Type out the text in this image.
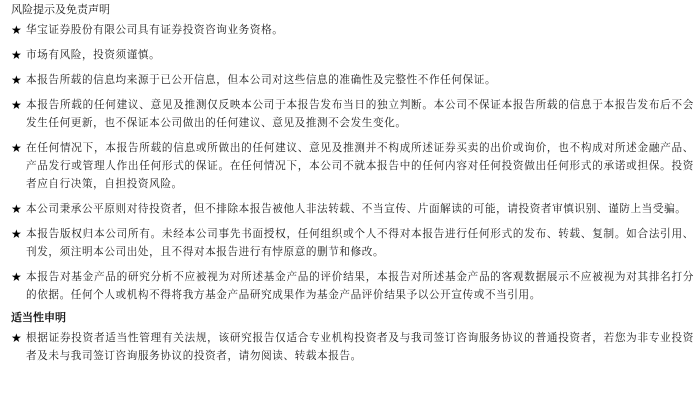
风险提示及免责声明
★ 华宝证券股份有限公司具有证券投资咨询业务资格。
★ 市场有风险，投资须谨慎。
★ 本报告所载的信息均来源于已公开信息，但本公司对这些信息的准确性及完整性不作任何保证。
★ 本报告所载的任何建议、意见及推测仅反映本公司于本报告发布当日的独立判断。本公司不保证本报告所载的信息于本报告发布后不会发生任何更新，也不保证本公司做出的任何建议、意见及推测不会发生变化。
★ 在任何情况下，本报告所载的信息或所做出的任何建议、意见及推测并不构成所述证券买卖的出价或询价，也不构成对所述金融产品、产品发行或管理人作出任何形式的保证。在任何情况下，本公司不就本报告中的任何内容对任何投资做出任何形式的承诺或担保。投资者应自行决策，自担投资风险。
★ 本公司秉承公平原则对待投资者，但不排除本报告被他人非法转载、不当宣传、片面解读的可能，请投资者审慎识别、谨防上当受骗。
★ 本报告版权归本公司所有。未经本公司事先书面授权，任何组织或个人不得对本报告进行任何形式的发布、转载、复制。如合法引用、刊发，须注明本公司出处，且不得对本报告进行有悖原意的删节和修改。
★ 本报告对基金产品的研究分析不应被视为对所述基金产品的评价结果，本报告对所述基金产品的客观数据展示不应被视为对其排名打分的依据。任何个人或机构不得将我方基金产品研究成果作为基金产品评价结果予以公开宣传或不当引用。
适当性申明
★ 根据证券投资者适当性管理有关法规，该研究报告仅适合专业机构投资者及与我司签订咨询服务协议的普通投资者，若您为非专业投资者及未与我司签订咨询服务协议的投资者，请勿阅读、转载本报告。
